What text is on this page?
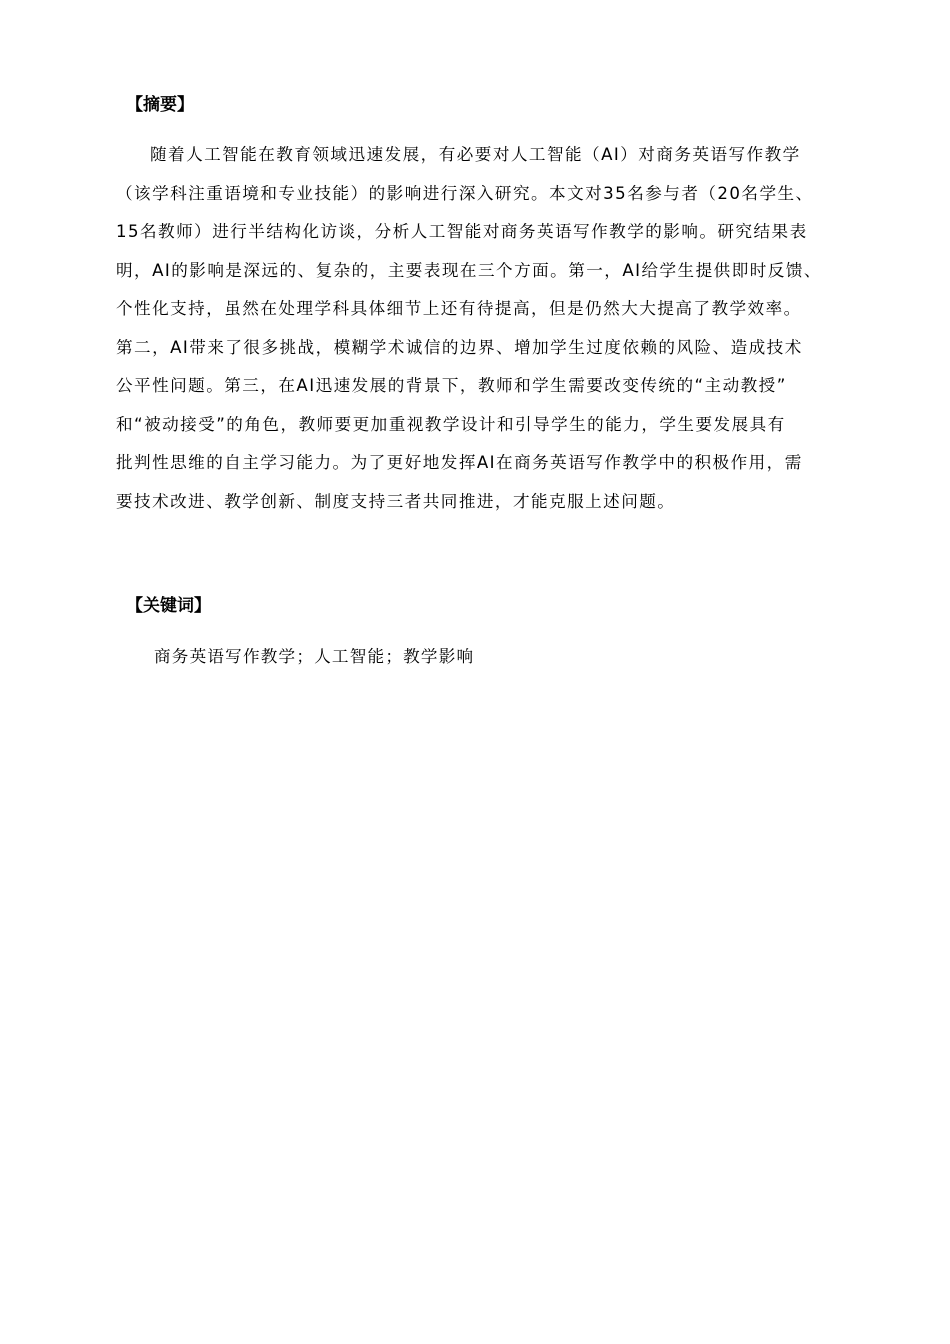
【摘要】
随着人工智能在教育领域迅速发展，有必要对人工智能（AI）对商务英语写作教学
（该学科注重语境和专业技能）的影响进行深入研究。本文对35名参与者（20名学生、
15名教师）进行半结构化访谈，分析人工智能对商务英语写作教学的影响。研究结果表
明，AI的影响是深远的、复杂的，主要表现在三个方面。第一，AI给学生提供即时反馈、
个性化支持，虽然在处理学科具体细节上还有待提高，但是仍然大大提高了教学效率。
第二，AI带来了很多挑战，模糊学术诚信的边界、增加学生过度依赖的风险、造成技术
公平性问题。第三，在AI迅速发展的背景下，教师和学生需要改变传统的“主动教授”
和“被动接受”的角色，教师要更加重视教学设计和引导学生的能力，学生要发展具有
批判性思维的自主学习能力。为了更好地发挥AI在商务英语写作教学中的积极作用，需
要技术改进、教学创新、制度支持三者共同推进，才能克服上述问题。
【关键词】

商务英语写作教学；人工智能；教学影响
